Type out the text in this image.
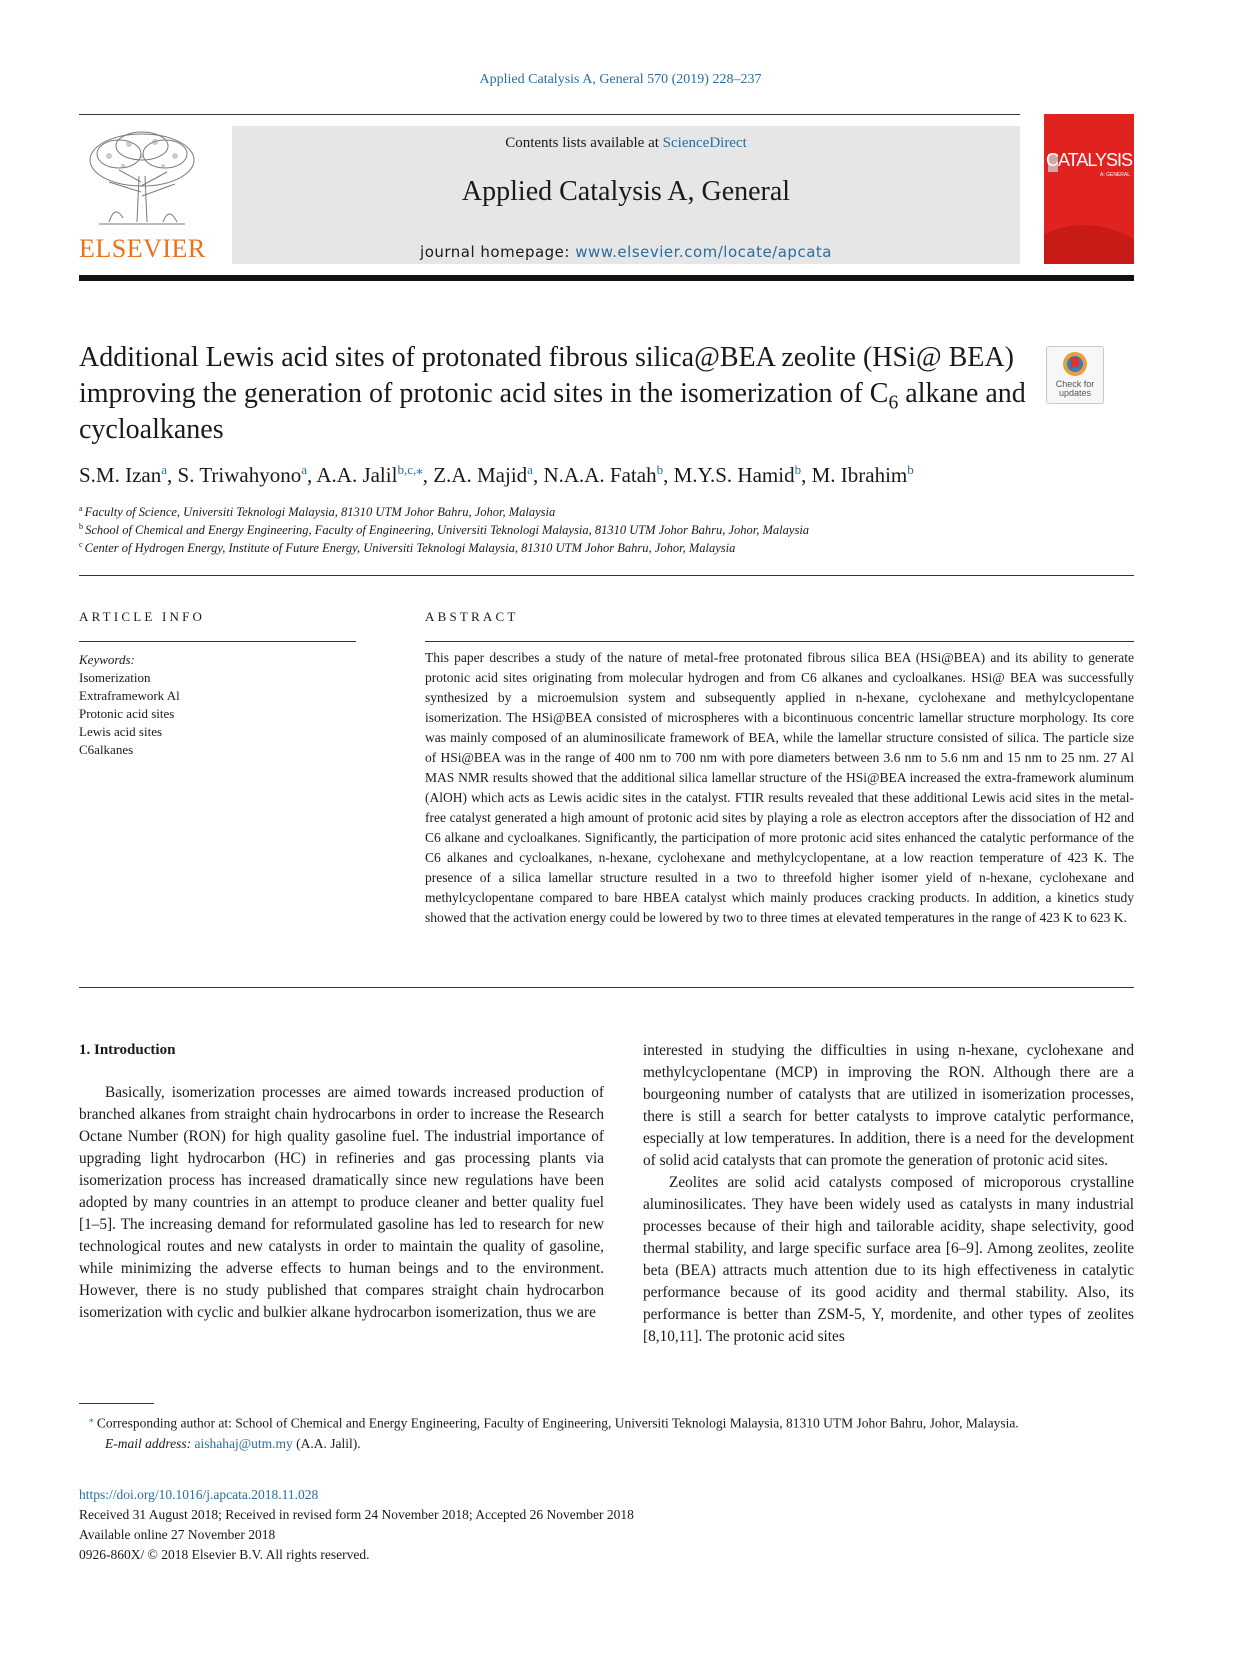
Applied Catalysis A, General 570 (2019) 228–237
ELSEVIER
Contents lists available at ScienceDirect
Applied Catalysis A, General
journal homepage: www.elsevier.com/locate/apcata
CATALYSIS
A: GENERAL
Additional Lewis acid sites of protonated fibrous silica@BEA zeolite (HSi@ BEA) improving the generation of protonic acid sites in the isomerization of $C_6$ alkane and cycloalkanes
Check for updates
S.M. Izan$^a$, S. Triwahyono$^a$, A.A. Jalil$^{b,c,⁎}$, Z.A. Majid$^a$, N.A.A. Fatah$^b$, M.Y.S. Hamid$^b$, M. Ibrahim$^b$
$^a$ Faculty of Science, Universiti Teknologi Malaysia, 81310 UTM Johor Bahru, Johor, Malaysia
$^b$ School of Chemical and Energy Engineering, Faculty of Engineering, Universiti Teknologi Malaysia, 81310 UTM Johor Bahru, Johor, Malaysia
$^c$ Center of Hydrogen Energy, Institute of Future Energy, Universiti Teknologi Malaysia, 81310 UTM Johor Bahru, Johor, Malaysia
ARTICLE INFO
Keywords:
Isomerization
Extraframework Al
Protonic acid sites
Lewis acid sites
C6alkanes
ABSTRACT
This paper describes a study of the nature of metal-free protonated fibrous silica BEA (HSi@BEA) and its ability to generate protonic acid sites originating from molecular hydrogen and from C6 alkanes and cycloalkanes. HSi@ BEA was successfully synthesized by a microemulsion system and subsequently applied in n-hexane, cyclohexane and methylcyclopentane isomerization. The HSi@BEA consisted of microspheres with a bicontinuous concentric lamellar structure morphology. Its core was mainly composed of an aluminosilicate framework of BEA, while the lamellar structure consisted of silica. The particle size of HSi@BEA was in the range of 400 nm to 700 nm with pore diameters between 3.6 nm to 5.6 nm and 15 nm to 25 nm. 27 Al MAS NMR results showed that the additional silica lamellar structure of the HSi@BEA increased the extra-framework aluminum (AlOH) which acts as Lewis acidic sites in the catalyst. FTIR results revealed that these additional Lewis acid sites in the metal-free catalyst generated a high amount of protonic acid sites by playing a role as electron acceptors after the dissociation of H2 and C6 alkane and cycloalkanes. Significantly, the participation of more protonic acid sites enhanced the catalytic performance of the C6 alkanes and cycloalkanes, n-hexane, cyclohexane and methylcyclopentane, at a low reaction temperature of 423 K. The presence of a silica lamellar structure resulted in a two to threefold higher isomer yield of n-hexane, cyclohexane and methylcyclopentane compared to bare HBEA catalyst which mainly produces cracking products. In addition, a kinetics study showed that the activation energy could be lowered by two to three times at elevated temperatures in the range of 423 K to 623 K.
1. Introduction

Basically, isomerization processes are aimed towards increased production of branched alkanes from straight chain hydrocarbons in order to increase the Research Octane Number (RON) for high quality gasoline fuel. The industrial importance of upgrading light hydrocarbon (HC) in refineries and gas processing plants via isomerization process has increased dramatically since new regulations have been adopted by many countries in an attempt to produce cleaner and better quality fuel [1–5]. The increasing demand for reformulated gasoline has led to research for new technological routes and new catalysts in order to maintain the quality of gasoline, while minimizing the adverse effects to human beings and to the environment. However, there is no study published that compares straight chain hydrocarbon isomerization with cyclic and bulkier alkane hydrocarbon isomerization, thus we are

interested in studying the difficulties in using n-hexane, cyclohexane and methylcyclopentane (MCP) in improving the RON. Although there are a bourgeoning number of catalysts that are utilized in isomerization processes, there is still a search for better catalysts to improve catalytic performance, especially at low temperatures. In addition, there is a need for the development of solid acid catalysts that can promote the generation of protonic acid sites.

Zeolites are solid acid catalysts composed of microporous crystalline aluminosilicates. They have been widely used as catalysts in many industrial processes because of their high and tailorable acidity, shape selectivity, good thermal stability, and large specific surface area [6–9]. Among zeolites, zeolite beta (BEA) attracts much attention due to its high effectiveness in catalytic performance because of its good acidity and thermal stability. Also, its performance is better than ZSM-5, Y, mordenite, and other types of zeolites [8,10,11]. The protonic acid sites

⁎ Corresponding author at: School of Chemical and Energy Engineering, Faculty of Engineering, Universiti Teknologi Malaysia, 81310 UTM Johor Bahru, Johor, Malaysia.
E-mail address: aishahaj@utm.my (A.A. Jalil).
https://doi.org/10.1016/j.apcata.2018.11.028
Received 31 August 2018; Received in revised form 24 November 2018; Accepted 26 November 2018
Available online 27 November 2018
0926-860X/ © 2018 Elsevier B.V. All rights reserved.
